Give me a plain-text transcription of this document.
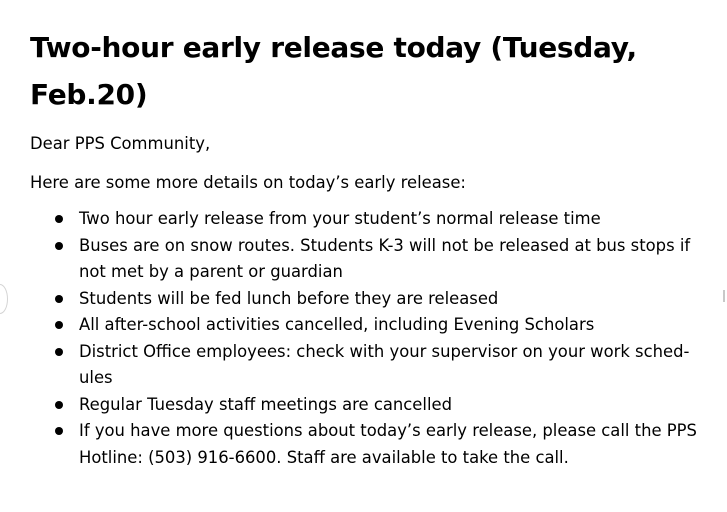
Two-hour early release today (Tuesday, Feb.20)

Dear PPS Community,

Here are some more details on today’s early release:

Two hour early release from your student’s normal release time
Buses are on snow routes. Students K-3 will not be released at bus stops if not met by a parent or guardian
Students will be fed lunch before they are released
All after-school activities cancelled, including Evening Scholars
District Office employees: check with your supervisor on your work sched-ules
Regular Tuesday staff meetings are cancelled
If you have more questions about today’s early release, please call the PPS Hotline: (503) 916-6600. Staff are available to take the call.
